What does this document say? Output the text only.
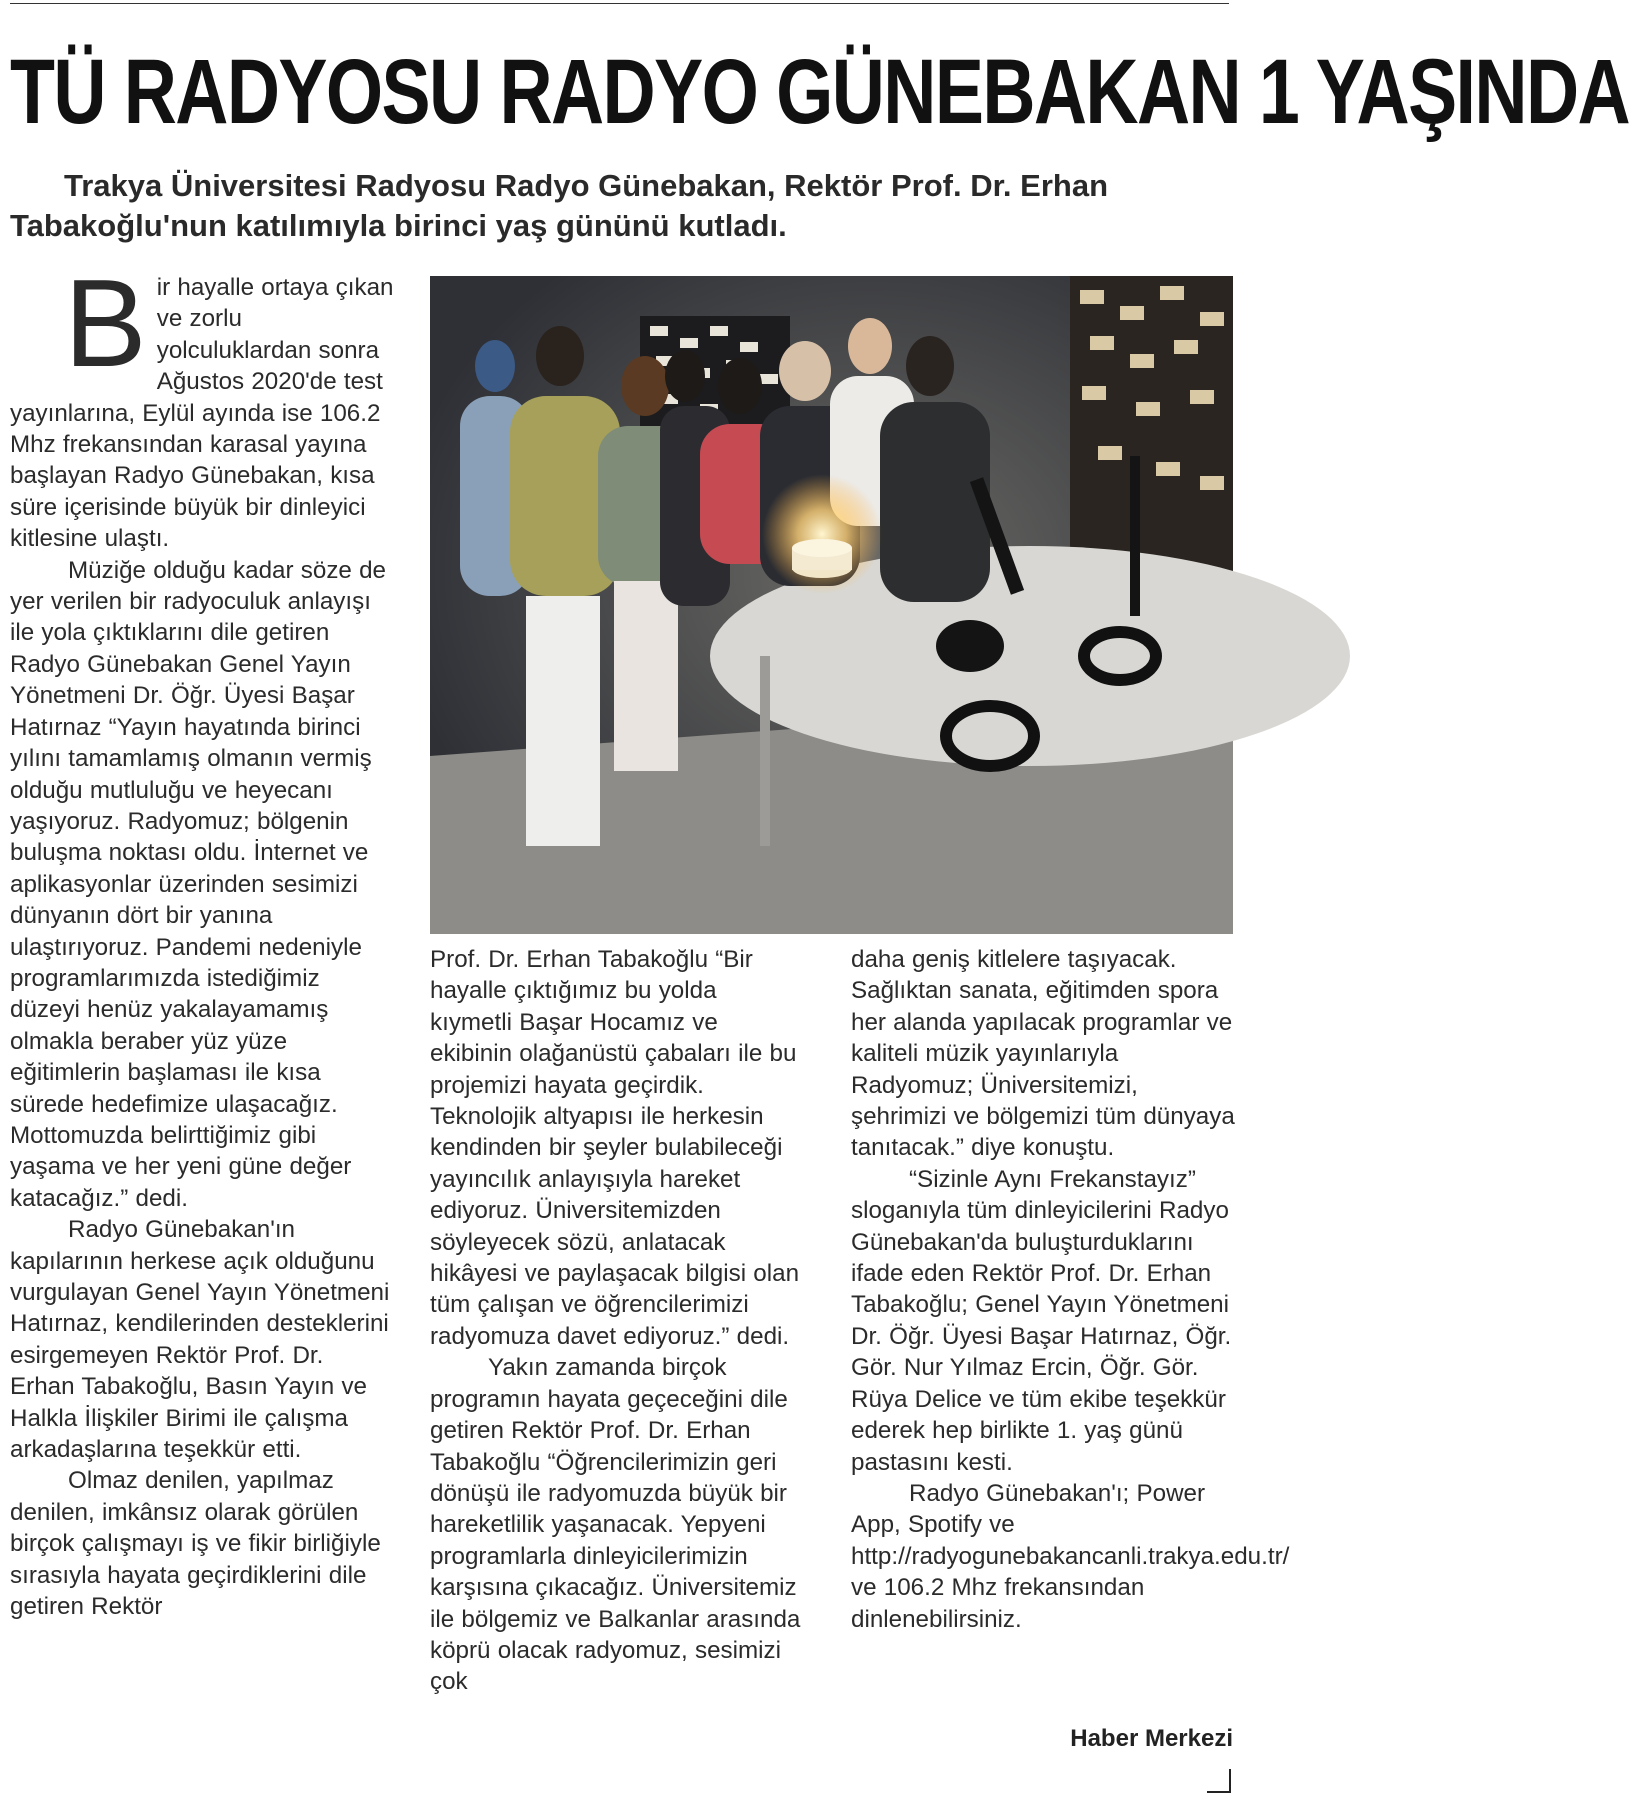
TÜ RADYOSU RADYO GÜNEBAKAN 1 YAŞINDA

Trakya Üniversitesi Radyosu Radyo Günebakan, Rektör Prof. Dr. Erhan Tabakoğlu'nun katılımıyla birinci yaş gününü kutladı.

Bir hayalle ortaya çıkan ve zorlu yolculuklardan sonra Ağustos 2020'de test yayınlarına, Eylül ayında ise 106.2 Mhz frekansından karasal yayına başlayan Radyo Günebakan, kısa süre içerisinde büyük bir dinleyici kitlesine ulaştı.

Müziğe olduğu kadar söze de yer verilen bir radyoculuk anlayışı ile yola çıktıklarını dile getiren Radyo Günebakan Genel Yayın Yönetmeni Dr. Öğr. Üyesi Başar Hatırnaz “Yayın hayatında birinci yılını tamamlamış olmanın vermiş olduğu mutluluğu ve heyecanı yaşıyoruz. Radyomuz; bölgenin buluşma noktası oldu. İnternet ve aplikasyonlar üzerinden sesimizi dünyanın dört bir yanına ulaştırıyoruz. Pandemi nedeniyle programlarımızda istediğimiz düzeyi henüz yakalayamamış olmakla beraber yüz yüze eğitimlerin başlaması ile kısa sürede hedefimize ulaşacağız. Mottomuzda belirttiğimiz gibi yaşama ve her yeni güne değer katacağız.” dedi.

Radyo Günebakan'ın kapılarının herkese açık olduğunu vurgulayan Genel Yayın Yönetmeni Hatırnaz, kendilerinden desteklerini esirgemeyen Rektör Prof. Dr. Erhan Tabakoğlu, Basın Yayın ve Halkla İlişkiler Birimi ile çalışma arkadaşlarına teşekkür etti.

Olmaz denilen, yapılmaz denilen, imkânsız olarak görülen birçok çalışmayı iş ve fikir birliğiyle sırasıyla hayata geçirdiklerini dile getiren Rektör

Prof. Dr. Erhan Tabakoğlu “Bir hayalle çıktığımız bu yolda kıymetli Başar Hocamız ve ekibinin olağanüstü çabaları ile bu projemizi hayata geçirdik. Teknolojik altyapısı ile herkesin kendinden bir şeyler bulabileceği yayıncılık anlayışıyla hareket ediyoruz. Üniversitemizden söyleyecek sözü, anlatacak hikâyesi ve paylaşacak bilgisi olan tüm çalışan ve öğrencilerimizi radyomuza davet ediyoruz.” dedi.

Yakın zamanda birçok programın hayata geçeceğini dile getiren Rektör Prof. Dr. Erhan Tabakoğlu “Öğrencilerimizin geri dönüşü ile radyomuzda büyük bir hareketlilik yaşanacak. Yepyeni programlarla dinleyicilerimizin karşısına çıkacağız. Üniversitemiz ile bölgemiz ve Balkanlar arasında köprü olacak radyomuz, sesimizi çok

daha geniş kitlelere taşıyacak. Sağlıktan sanata, eğitimden spora her alanda yapılacak programlar ve kaliteli müzik yayınlarıyla Radyomuz; Üniversitemizi, şehrimizi ve bölgemizi tüm dünyaya tanıtacak.” diye konuştu.

“Sizinle Aynı Frekanstayız” sloganıyla tüm dinleyicilerini Radyo Günebakan'da buluşturduklarını ifade eden Rektör Prof. Dr. Erhan Tabakoğlu; Genel Yayın Yönetmeni Dr. Öğr. Üyesi Başar Hatırnaz, Öğr. Gör. Nur Yılmaz Ercin, Öğr. Gör. Rüya Delice ve tüm ekibe teşekkür ederek hep birlikte 1. yaş günü pastasını kesti.

Radyo Günebakan'ı; Power App, Spotify ve http://radyogunebakancanli.trakya.edu.tr/ ve 106.2 Mhz frekansından dinlenebilirsiniz.

Haber Merkezi
